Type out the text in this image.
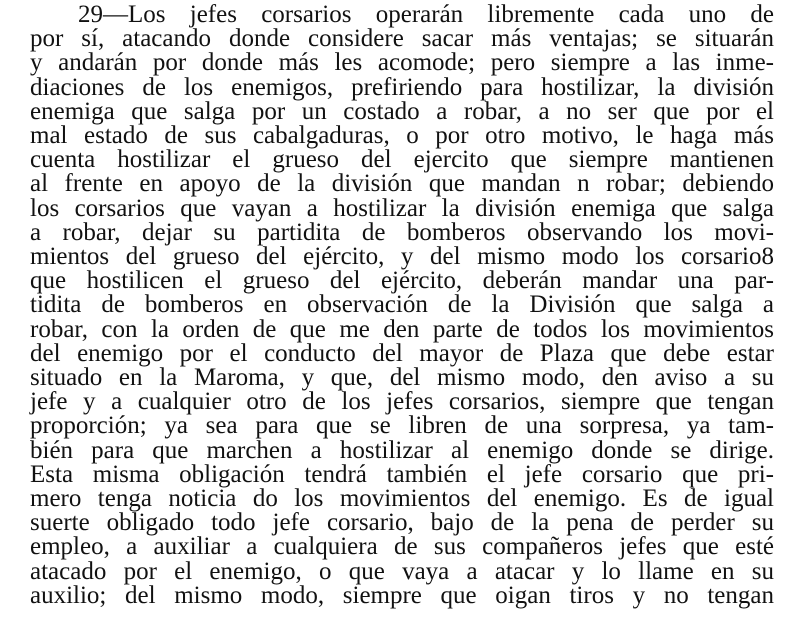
29—Los jefes corsarios operarán libremente cada uno de
por sí, atacando donde considere sacar más ventajas; se situarán
y andarán por donde más les acomode; pero siempre a las inme-
diaciones de los enemigos, prefiriendo para hostilizar, la división
enemiga que salga por un costado a robar, a no ser que por el
mal estado de sus cabalgaduras, o por otro motivo, le haga más
cuenta hostilizar el grueso del ejercito que siempre mantienen
al frente en apoyo de la división que mandan n robar; debiendo
los corsarios que vayan a hostilizar la división enemiga que salga
a robar, dejar su partidita de bomberos observando los movi-
mientos del grueso del ejército, y del mismo modo los corsario8
que hostilicen el grueso del ejército, deberán mandar una par-
tidita de bomberos en observación de la División que salga a
robar, con la orden de que me den parte de todos los movimientos
del enemigo por el conducto del mayor de Plaza que debe estar
situado en la Maroma, y que, del mismo modo, den aviso a su
jefe y a cualquier otro de los jefes corsarios, siempre que tengan
proporción; ya sea para que se libren de una sorpresa, ya tam-
bién para que marchen a hostilizar al enemigo donde se dirige.
Esta misma obligación tendrá también el jefe corsario que pri-
mero tenga noticia do los movimientos del enemigo. Es de igual
suerte obligado todo jefe corsario, bajo de la pena de perder su
empleo, a auxiliar a cualquiera de sus compañeros jefes que esté
atacado por el enemigo, o que vaya a atacar y lo llame en su
auxilio; del mismo modo, siempre que oigan tiros y no tengan
